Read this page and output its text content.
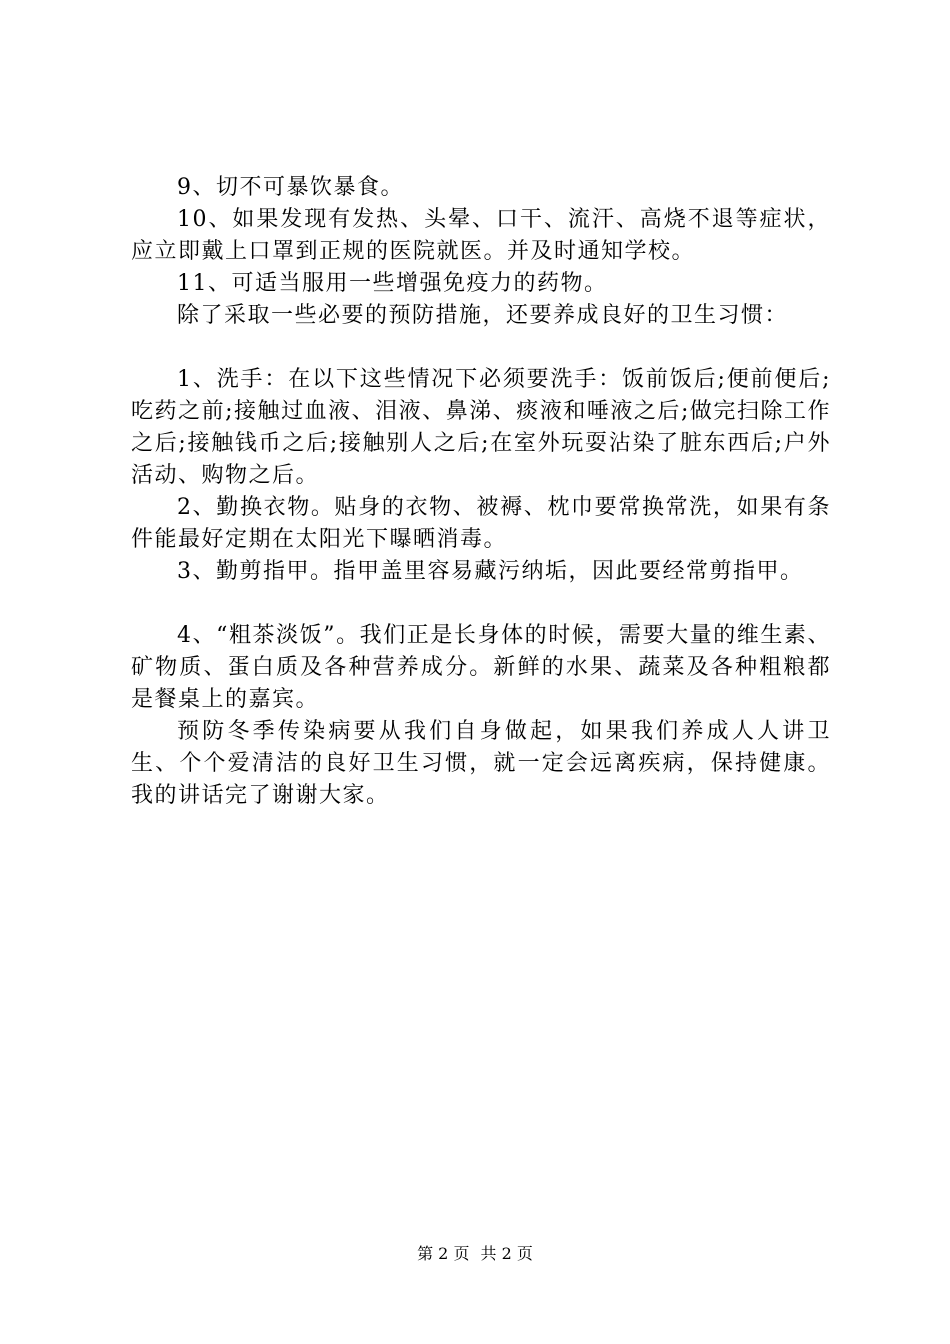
9、切不可暴饮暴食。

10、如果发现有发热、头晕、口干、流汗、高烧不退等症状，应立即戴上口罩到正规的医院就医。并及时通知学校。

11、可适当服用一些增强免疫力的药物。

除了采取一些必要的预防措施，还要养成良好的卫生习惯：

1、洗手：在以下这些情况下必须要洗手：饭前饭后;便前便后;吃药之前;接触过血液、泪液、鼻涕、痰液和唾液之后;做完扫除工作之后;接触钱币之后;接触别人之后;在室外玩耍沾染了脏东西后;户外活动、购物之后。

2、勤换衣物。贴身的衣物、被褥、枕巾要常换常洗，如果有条件能最好定期在太阳光下曝晒消毒。

3、勤剪指甲。指甲盖里容易藏污纳垢，因此要经常剪指甲。

4、“粗茶淡饭”。我们正是长身体的时候，需要大量的维生素、矿物质、蛋白质及各种营养成分。新鲜的水果、蔬菜及各种粗粮都是餐桌上的嘉宾。

预防冬季传染病要从我们自身做起，如果我们养成人人讲卫生、个个爱清洁的良好卫生习惯，就一定会远离疾病，保持健康。我的讲话完了谢谢大家。

第 2 页 共 2 页
